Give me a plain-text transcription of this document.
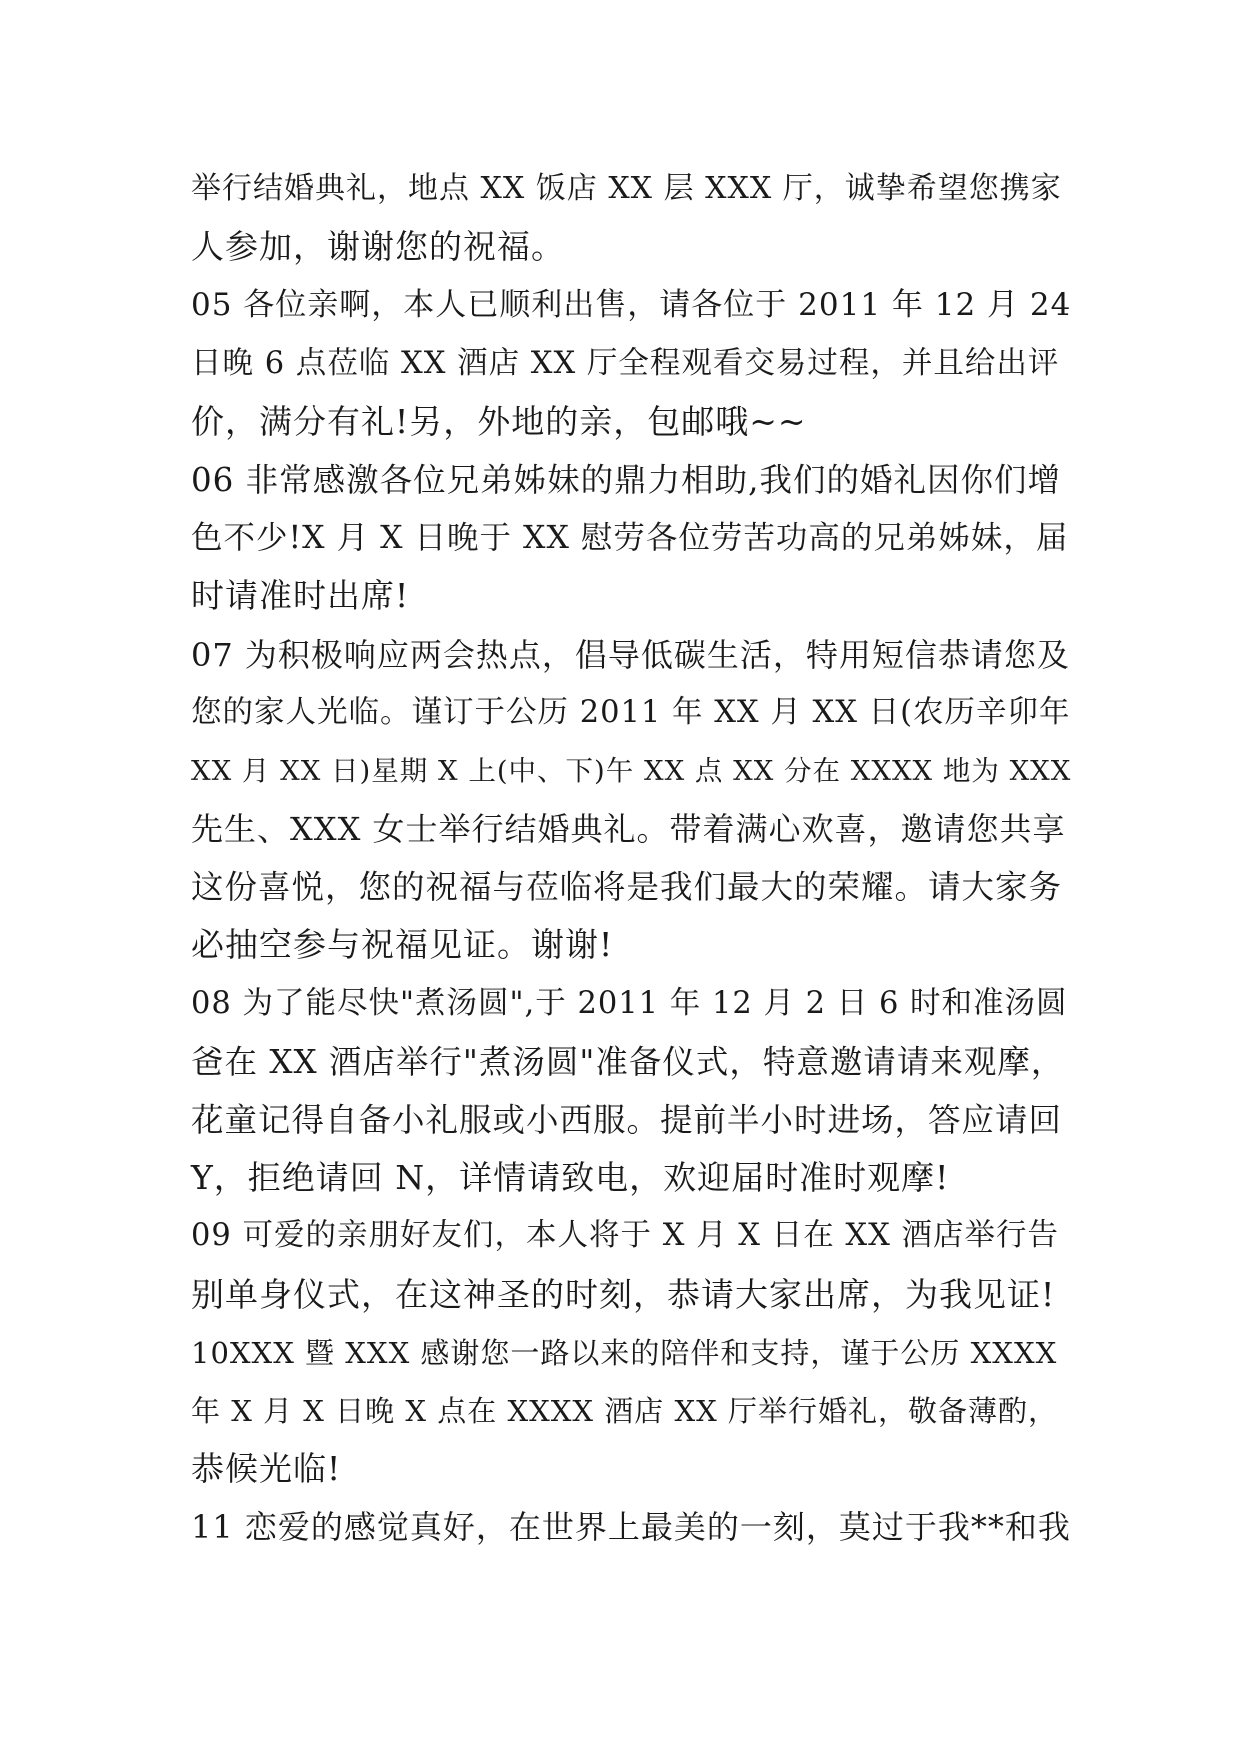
举行结婚典礼，地点 XX 饭店 XX 层 XXX 厅，诚挚希望您携家
人参加，谢谢您的祝福。
05 各位亲啊，本人已顺利出售，请各位于 2011 年 12 月 24
日晚 6 点莅临 XX 酒店 XX 厅全程观看交易过程，并且给出评
价，满分有礼!另，外地的亲，包邮哦~~
06 非常感激各位兄弟姊妹的鼎力相助,我们的婚礼因你们增
色不少!X 月 X 日晚于 XX 慰劳各位劳苦功高的兄弟姊妹，届
时请准时出席!
07 为积极响应两会热点，倡导低碳生活，特用短信恭请您及
您的家人光临。谨订于公历 2011 年 XX 月 XX 日(农历辛卯年
XX 月 XX 日)星期 X 上(中、下)午 XX 点 XX 分在 XXXX 地为 XXX
先生、XXX 女士举行结婚典礼。带着满心欢喜，邀请您共享
这份喜悦，您的祝福与莅临将是我们最大的荣耀。请大家务
必抽空参与祝福见证。谢谢!
08 为了能尽快"煮汤圆",于 2011 年 12 月 2 日 6 时和准汤圆
爸在 XX 酒店举行"煮汤圆"准备仪式，特意邀请请来观摩，
花童记得自备小礼服或小西服。提前半小时进场，答应请回
Y，拒绝请回 N，详情请致电，欢迎届时准时观摩!
09 可爱的亲朋好友们，本人将于 X 月 X 日在 XX 酒店举行告
别单身仪式，在这神圣的时刻，恭请大家出席，为我见证!
10XXX 暨 XXX 感谢您一路以来的陪伴和支持，谨于公历 XXXX
年 X 月 X 日晚 X 点在 XXXX 酒店 XX 厅举行婚礼，敬备薄酌，
恭候光临!
11 恋爱的感觉真好，在世界上最美的一刻，莫过于我**和我
